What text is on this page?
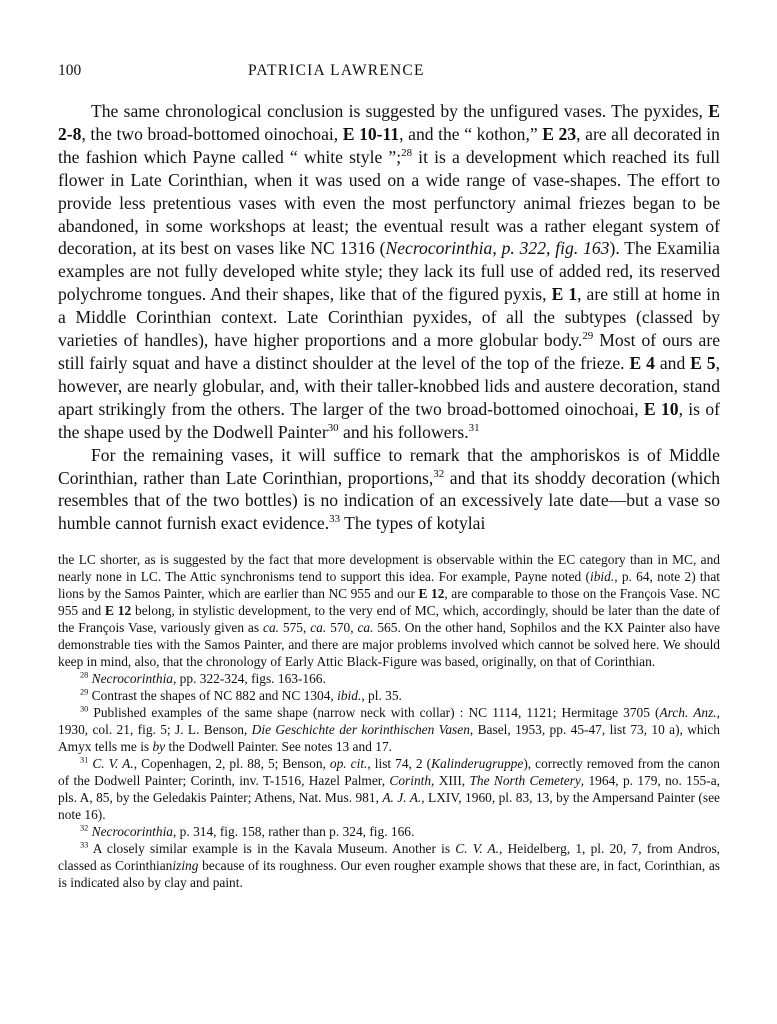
100	PATRICIA LAWRENCE

The same chronological conclusion is suggested by the unfigured vases. The pyxides, E 2-8, the two broad-bottomed oinochoai, E 10-11, and the “ kothon,” E 23, are all decorated in the fashion which Payne called “ white style ”;$^{28}$ it is a development which reached its full flower in Late Corinthian, when it was used on a wide range of vase-shapes. The effort to provide less pretentious vases with even the most perfunctory animal friezes began to be abandoned, in some workshops at least; the eventual result was a rather elegant system of decoration, at its best on vases like NC 1316 (Necrocorinthia, p. 322, fig. 163). The Examilia examples are not fully developed white style; they lack its full use of added red, its reserved polychrome tongues. And their shapes, like that of the figured pyxis, E 1, are still at home in a Middle Corinthian context. Late Corinthian pyxides, of all the subtypes (classed by varieties of handles), have higher proportions and a more globular body.$^{29}$ Most of ours are still fairly squat and have a distinct shoulder at the level of the top of the frieze. E 4 and E 5, however, are nearly globular, and, with their taller-knobbed lids and austere decoration, stand apart strikingly from the others. The larger of the two broad-bottomed oinochoai, E 10, is of the shape used by the Dodwell Painter$^{30}$ and his followers.$^{31}$

For the remaining vases, it will suffice to remark that the amphoriskos is of Middle Corinthian, rather than Late Corinthian, proportions,$^{32}$ and that its shoddy decoration (which resembles that of the two bottles) is no indication of an excessively late date—but a vase so humble cannot furnish exact evidence.$^{33}$ The types of kotylai

the LC shorter, as is suggested by the fact that more development is observable within the EC category than in MC, and nearly none in LC. The Attic synchronisms tend to support this idea. For example, Payne noted (ibid., p. 64, note 2) that lions by the Samos Painter, which are earlier than NC 955 and our E 12, are comparable to those on the François Vase. NC 955 and E 12 belong, in stylistic development, to the very end of MC, which, accordingly, should be later than the date of the François Vase, variously given as ca. 575, ca. 570, ca. 565. On the other hand, Sophilos and the KX Painter also have demonstrable ties with the Samos Painter, and there are major problems involved which cannot be solved here. We should keep in mind, also, that the chronology of Early Attic Black-Figure was based, originally, on that of Corinthian.

$^{28}$ Necrocorinthia, pp. 322-324, figs. 163-166.

$^{29}$ Contrast the shapes of NC 882 and NC 1304, ibid., pl. 35.

$^{30}$ Published examples of the same shape (narrow neck with collar) : NC 1114, 1121; Hermitage 3705 (Arch. Anz., 1930, col. 21, fig. 5; J. L. Benson, Die Geschichte der korinthischen Vasen, Basel, 1953, pp. 45-47, list 73, 10 a), which Amyx tells me is by the Dodwell Painter. See notes 13 and 17.

$^{31}$ C. V. A., Copenhagen, 2, pl. 88, 5; Benson, op. cit., list 74, 2 (Kalinderugruppe), correctly removed from the canon of the Dodwell Painter; Corinth, inv. T-1516, Hazel Palmer, Corinth, XIII, The North Cemetery, 1964, p. 179, no. 155-a, pls. A, 85, by the Geledakis Painter; Athens, Nat. Mus. 981, A. J. A., LXIV, 1960, pl. 83, 13, by the Ampersand Painter (see note 16).

$^{32}$ Necrocorinthia, p. 314, fig. 158, rather than p. 324, fig. 166.

$^{33}$ A closely similar example is in the Kavala Museum. Another is C. V. A., Heidelberg, 1, pl. 20, 7, from Andros, classed as Corinthianizing because of its roughness. Our even rougher example shows that these are, in fact, Corinthian, as is indicated also by clay and paint.
